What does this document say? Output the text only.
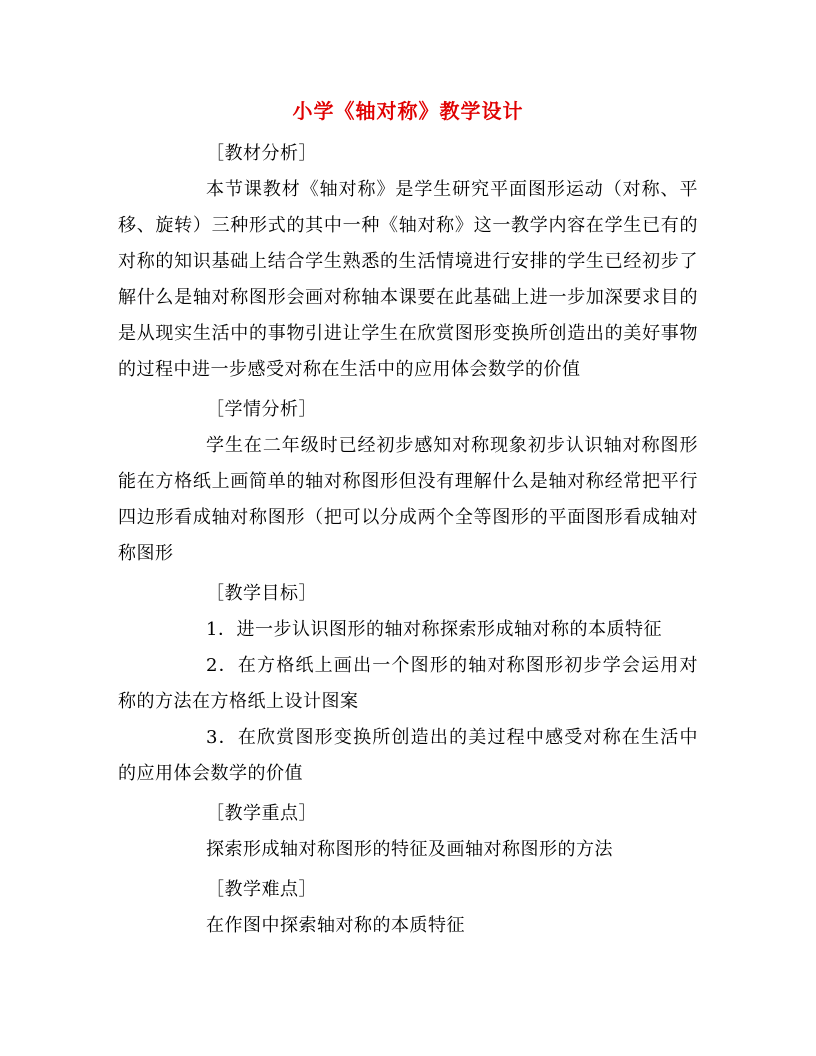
小学《轴对称》教学设计

［教材分析］

本节课教材《轴对称》是学生研究平面图形运动（对称、平移、旋转）三种形式的其中一种《轴对称》这一教学内容在学生已有的对称的知识基础上结合学生熟悉的生活情境进行安排的学生已经初步了解什么是轴对称图形会画对称轴本课要在此基础上进一步加深要求目的是从现实生活中的事物引进让学生在欣赏图形变换所创造出的美好事物的过程中进一步感受对称在生活中的应用体会数学的价值

［学情分析］

学生在二年级时已经初步感知对称现象初步认识轴对称图形能在方格纸上画简单的轴对称图形但没有理解什么是轴对称经常把平行四边形看成轴对称图形（把可以分成两个全等图形的平面图形看成轴对称图形

［教学目标］

1．进一步认识图形的轴对称探索形成轴对称的本质特征

2．在方格纸上画出一个图形的轴对称图形初步学会运用对称的方法在方格纸上设计图案

3．在欣赏图形变换所创造出的美过程中感受对称在生活中的应用体会数学的价值

［教学重点］

探索形成轴对称图形的特征及画轴对称图形的方法

［教学难点］

在作图中探索轴对称的本质特征
